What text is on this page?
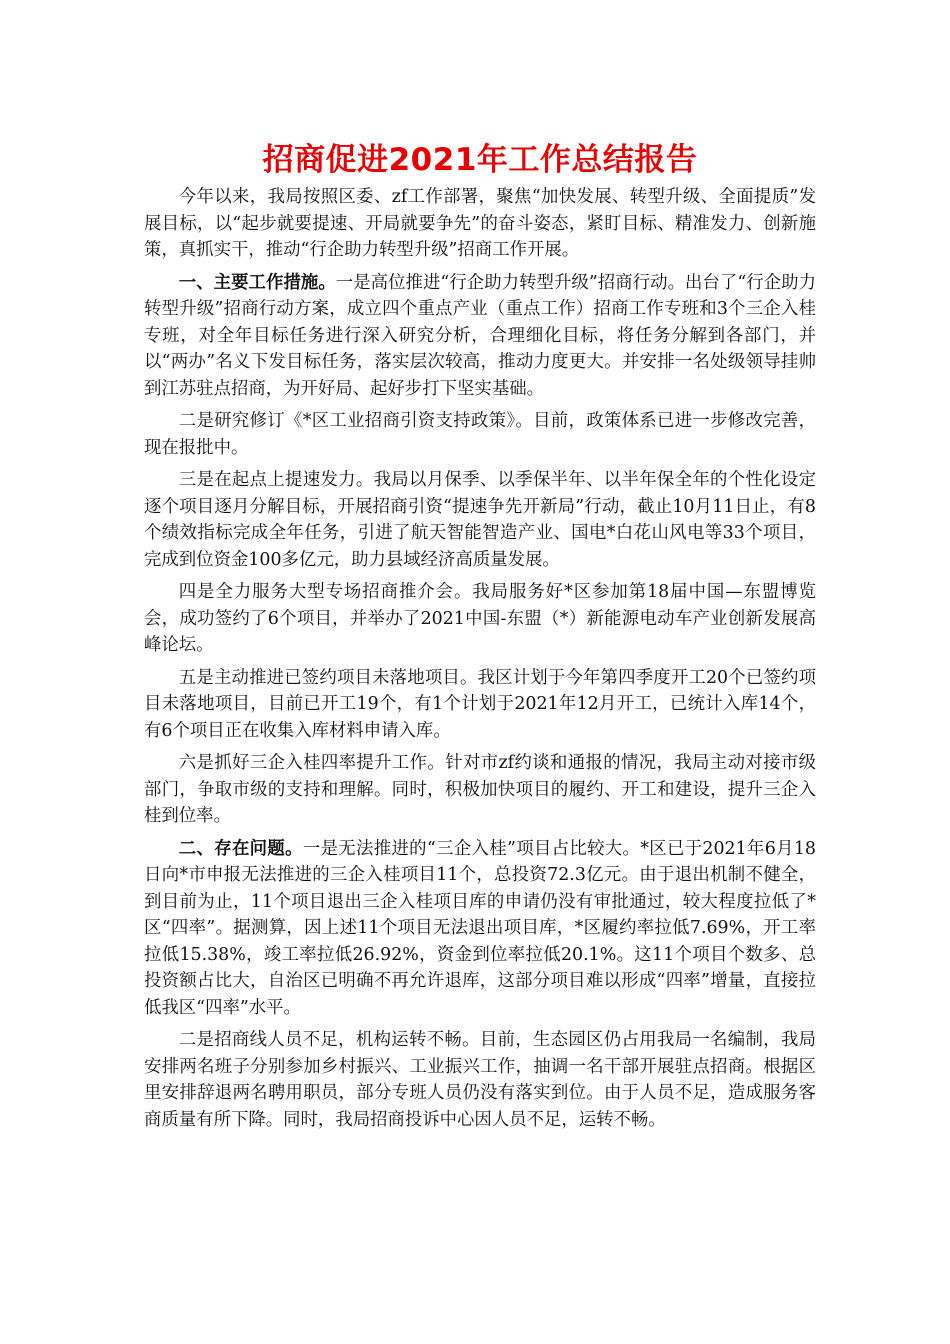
招商促进2021年工作总结报告

今年以来，我局按照区委、zf工作部署，聚焦“加快发展、转型升级、全面提质”发展目标，以“起步就要提速、开局就要争先”的奋斗姿态，紧盯目标、精准发力、创新施策，真抓实干，推动“行企助力转型升级”招商工作开展。

一、主要工作措施。一是高位推进“行企助力转型升级”招商行动。出台了“行企助力转型升级”招商行动方案，成立四个重点产业（重点工作）招商工作专班和3个三企入桂专班，对全年目标任务进行深入研究分析，合理细化目标，将任务分解到各部门，并以“两办”名义下发目标任务，落实层次较高，推动力度更大。并安排一名处级领导挂帅到江苏驻点招商，为开好局、起好步打下坚实基础。

二是研究修订《*区工业招商引资支持政策》。目前，政策体系已进一步修改完善，现在报批中。

三是在起点上提速发力。我局以月保季、以季保半年、以半年保全年的个性化设定逐个项目逐月分解目标，开展招商引资“提速争先开新局”行动，截止10月11日止，有8个绩效指标完成全年任务，引进了航天智能智造产业、国电*白花山风电等33个项目，完成到位资金100多亿元，助力县域经济高质量发展。

四是全力服务大型专场招商推介会。我局服务好*区参加第18届中国—东盟博览会，成功签约了6个项目，并举办了2021中国-东盟（*）新能源电动车产业创新发展高峰论坛。

五是主动推进已签约项目未落地项目。我区计划于今年第四季度开工20个已签约项目未落地项目，目前已开工19个，有1个计划于2021年12月开工，已统计入库14个，有6个项目正在收集入库材料申请入库。

六是抓好三企入桂四率提升工作。针对市zf约谈和通报的情况，我局主动对接市级部门，争取市级的支持和理解。同时，积极加快项目的履约、开工和建设，提升三企入桂到位率。

二、存在问题。一是无法推进的“三企入桂”项目占比较大。*区已于2021年6月18日向*市申报无法推进的三企入桂项目11个，总投资72.3亿元。由于退出机制不健全，到目前为止，11个项目退出三企入桂项目库的申请仍没有审批通过，较大程度拉低了*区“四率”。据测算，因上述11个项目无法退出项目库，*区履约率拉低7.69%，开工率拉低15.38%，竣工率拉低26.92%，资金到位率拉低20.1%。这11个项目个数多、总投资额占比大，自治区已明确不再允许退库，这部分项目难以形成“四率”增量，直接拉低我区“四率”水平。

二是招商线人员不足，机构运转不畅。目前，生态园区仍占用我局一名编制，我局安排两名班子分别参加乡村振兴、工业振兴工作，抽调一名干部开展驻点招商。根据区里安排辞退两名聘用职员，部分专班人员仍没有落实到位。由于人员不足，造成服务客商质量有所下降。同时，我局招商投诉中心因人员不足，运转不畅。
